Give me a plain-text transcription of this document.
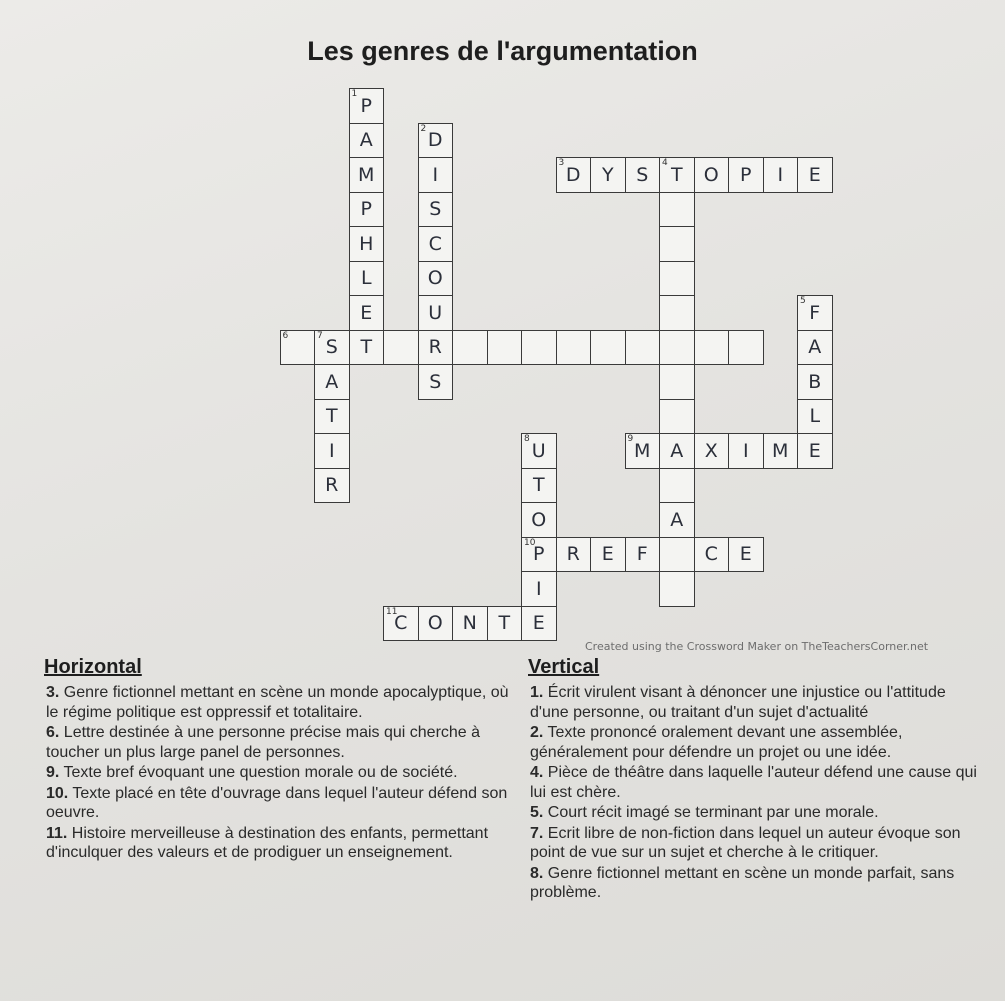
Les genres de l'argumentation
1
P
A
M
P
H
L
E
T
2
D
I
S
C
O
U
R
S
3
D	Y	S
4
T	O	P	I	E
A
A
5
F
A
B
L
E
6	7
S
A
T
I
R
8
U
T
O
10
P
I
E
9
M	X	I	M
R	E	F	C	E
11
C	O	N	T
Created using the Crossword Maker on TheTeachersCorner.net
Horizontal
3. Genre fictionnel mettant en scène un monde apocalyptique, où le régime politique est oppressif et totalitaire.
6. Lettre destinée à une personne précise mais qui cherche à toucher un plus large panel de personnes.
9. Texte bref évoquant une question morale ou de société.
10. Texte placé en tête d'ouvrage dans lequel l'auteur défend son oeuvre.
11. Histoire merveilleuse à destination des enfants, permettant d'inculquer des valeurs et de prodiguer un enseignement.
Vertical
1. Écrit virulent visant à dénoncer une injustice ou l'attitude d'une personne, ou traitant d'un sujet d'actualité
2. Texte prononcé oralement devant une assemblée, généralement pour défendre un projet ou une idée.
4. Pièce de théâtre dans laquelle l'auteur défend une cause qui lui est chère.
5. Court récit imagé se terminant par une morale.
7. Ecrit libre de non-fiction dans lequel un auteur évoque son point de vue sur un sujet et cherche à le critiquer.
8. Genre fictionnel mettant en scène un monde parfait, sans problème.
